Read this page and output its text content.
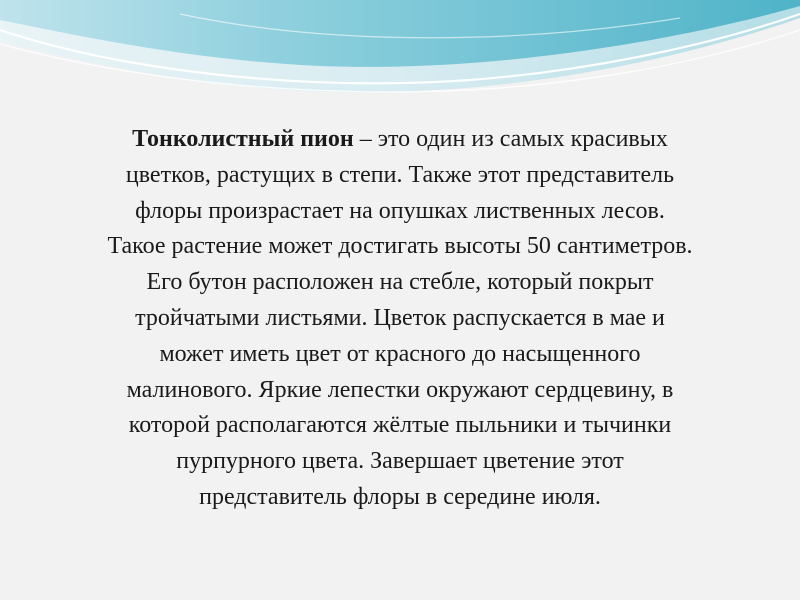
Тонколистный пион – это один из самых красивых
цветков, растущих в степи. Также этот представитель
флоры произрастает на опушках лиственных лесов.
Такое растение может достигать высоты 50 сантиметров.
Его бутон расположен на стебле, который покрыт
тройчатыми листьями. Цветок распускается в мае и
может иметь цвет от красного до насыщенного
малинового. Яркие лепестки окружают сердцевину, в
которой располагаются жёлтые пыльники и тычинки
пурпурного цвета. Завершает цветение этот
представитель флоры в середине июля.
